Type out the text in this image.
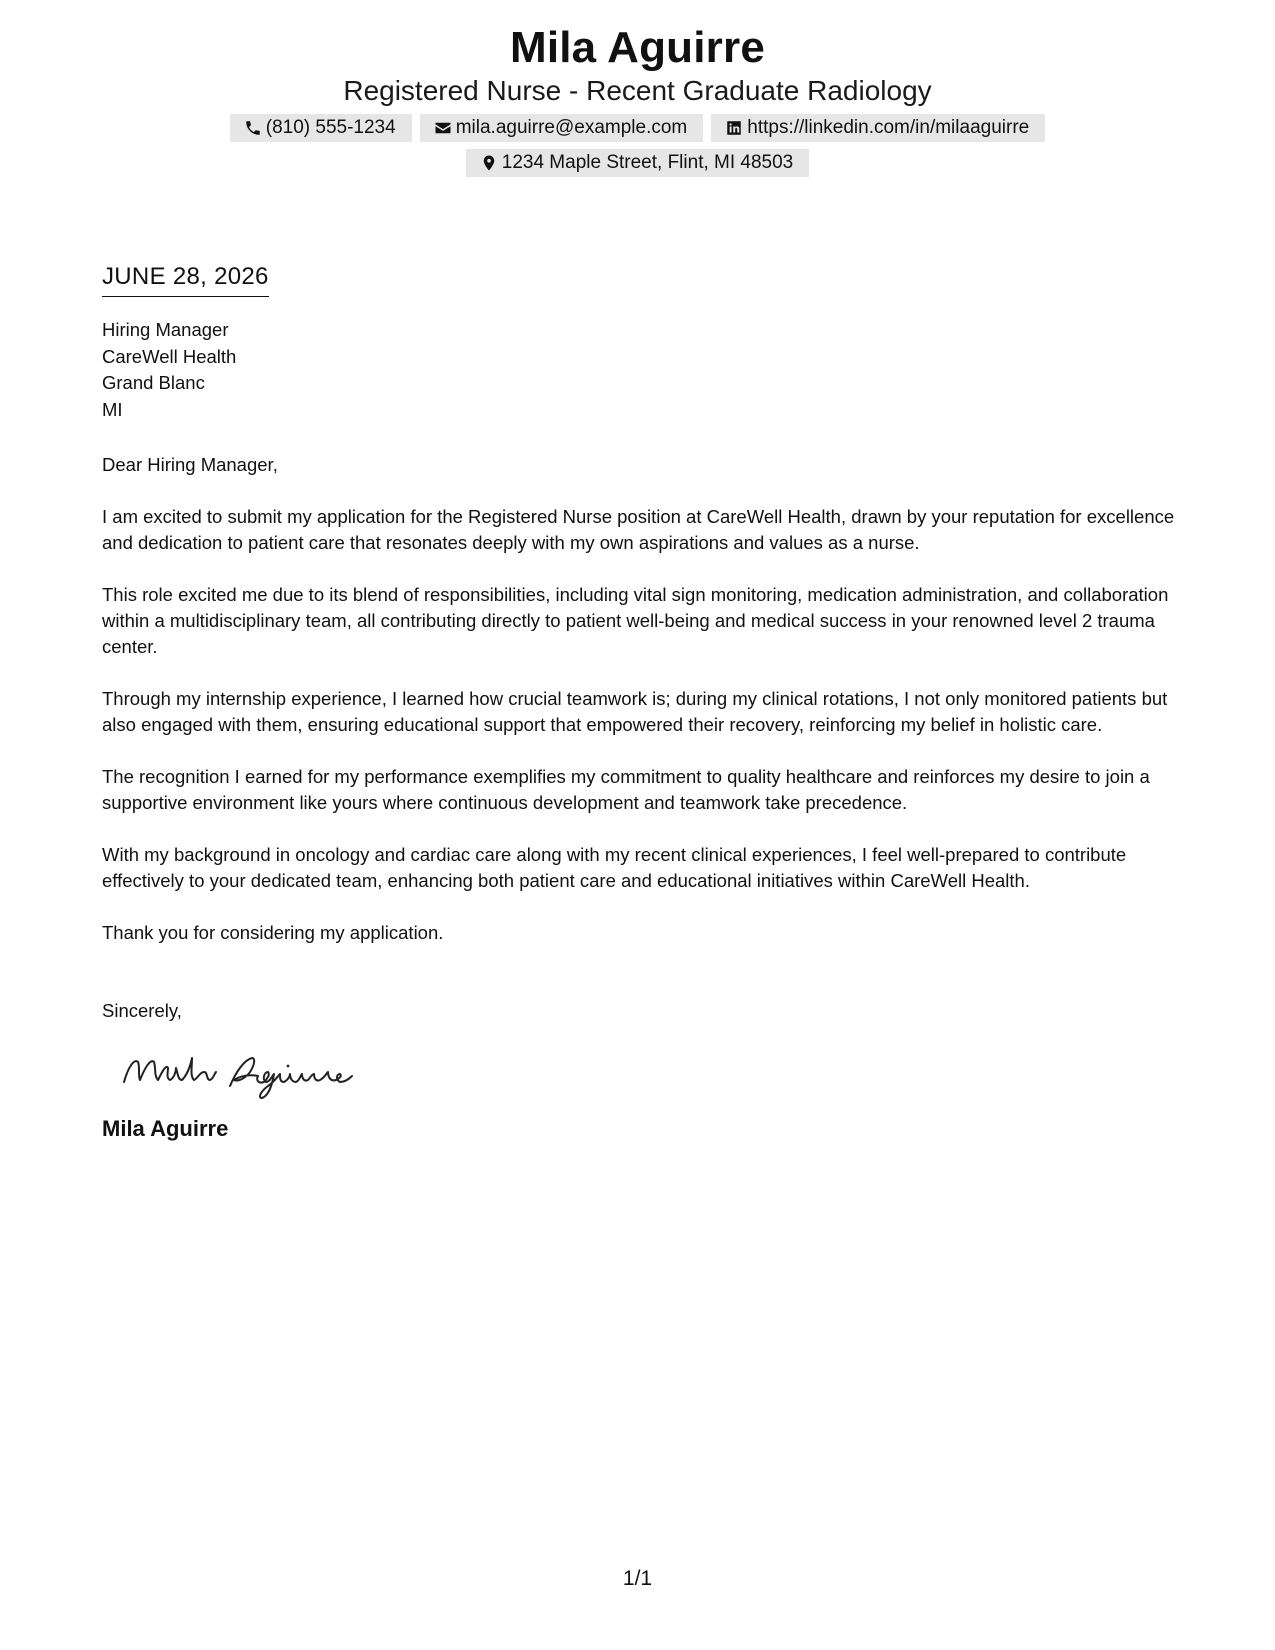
Mila Aguirre
Registered Nurse - Recent Graduate Radiology
(810) 555-1234	mila.aguirre@example.com	https://linkedin.com/in/milaaguirre
1234 Maple Street, Flint, MI 48503
JUNE 28, 2026
Hiring Manager
CareWell Health
Grand Blanc
MI
Dear Hiring Manager,
I am excited to submit my application for the Registered Nurse position at CareWell Health, drawn by your reputation for excellence and dedication to patient care that resonates deeply with my own aspirations and values as a nurse.
This role excited me due to its blend of responsibilities, including vital sign monitoring, medication administration, and collaboration within a multidisciplinary team, all contributing directly to patient well-being and medical success in your renowned level 2 trauma center.
Through my internship experience, I learned how crucial teamwork is; during my clinical rotations, I not only monitored patients but also engaged with them, ensuring educational support that empowered their recovery, reinforcing my belief in holistic care.
The recognition I earned for my performance exemplifies my commitment to quality healthcare and reinforces my desire to join a supportive environment like yours where continuous development and teamwork take precedence.
With my background in oncology and cardiac care along with my recent clinical experiences, I feel well-prepared to contribute effectively to your dedicated team, enhancing both patient care and educational initiatives within CareWell Health.
Thank you for considering my application.
Sincerely,
Mila Aguirre
1/1
